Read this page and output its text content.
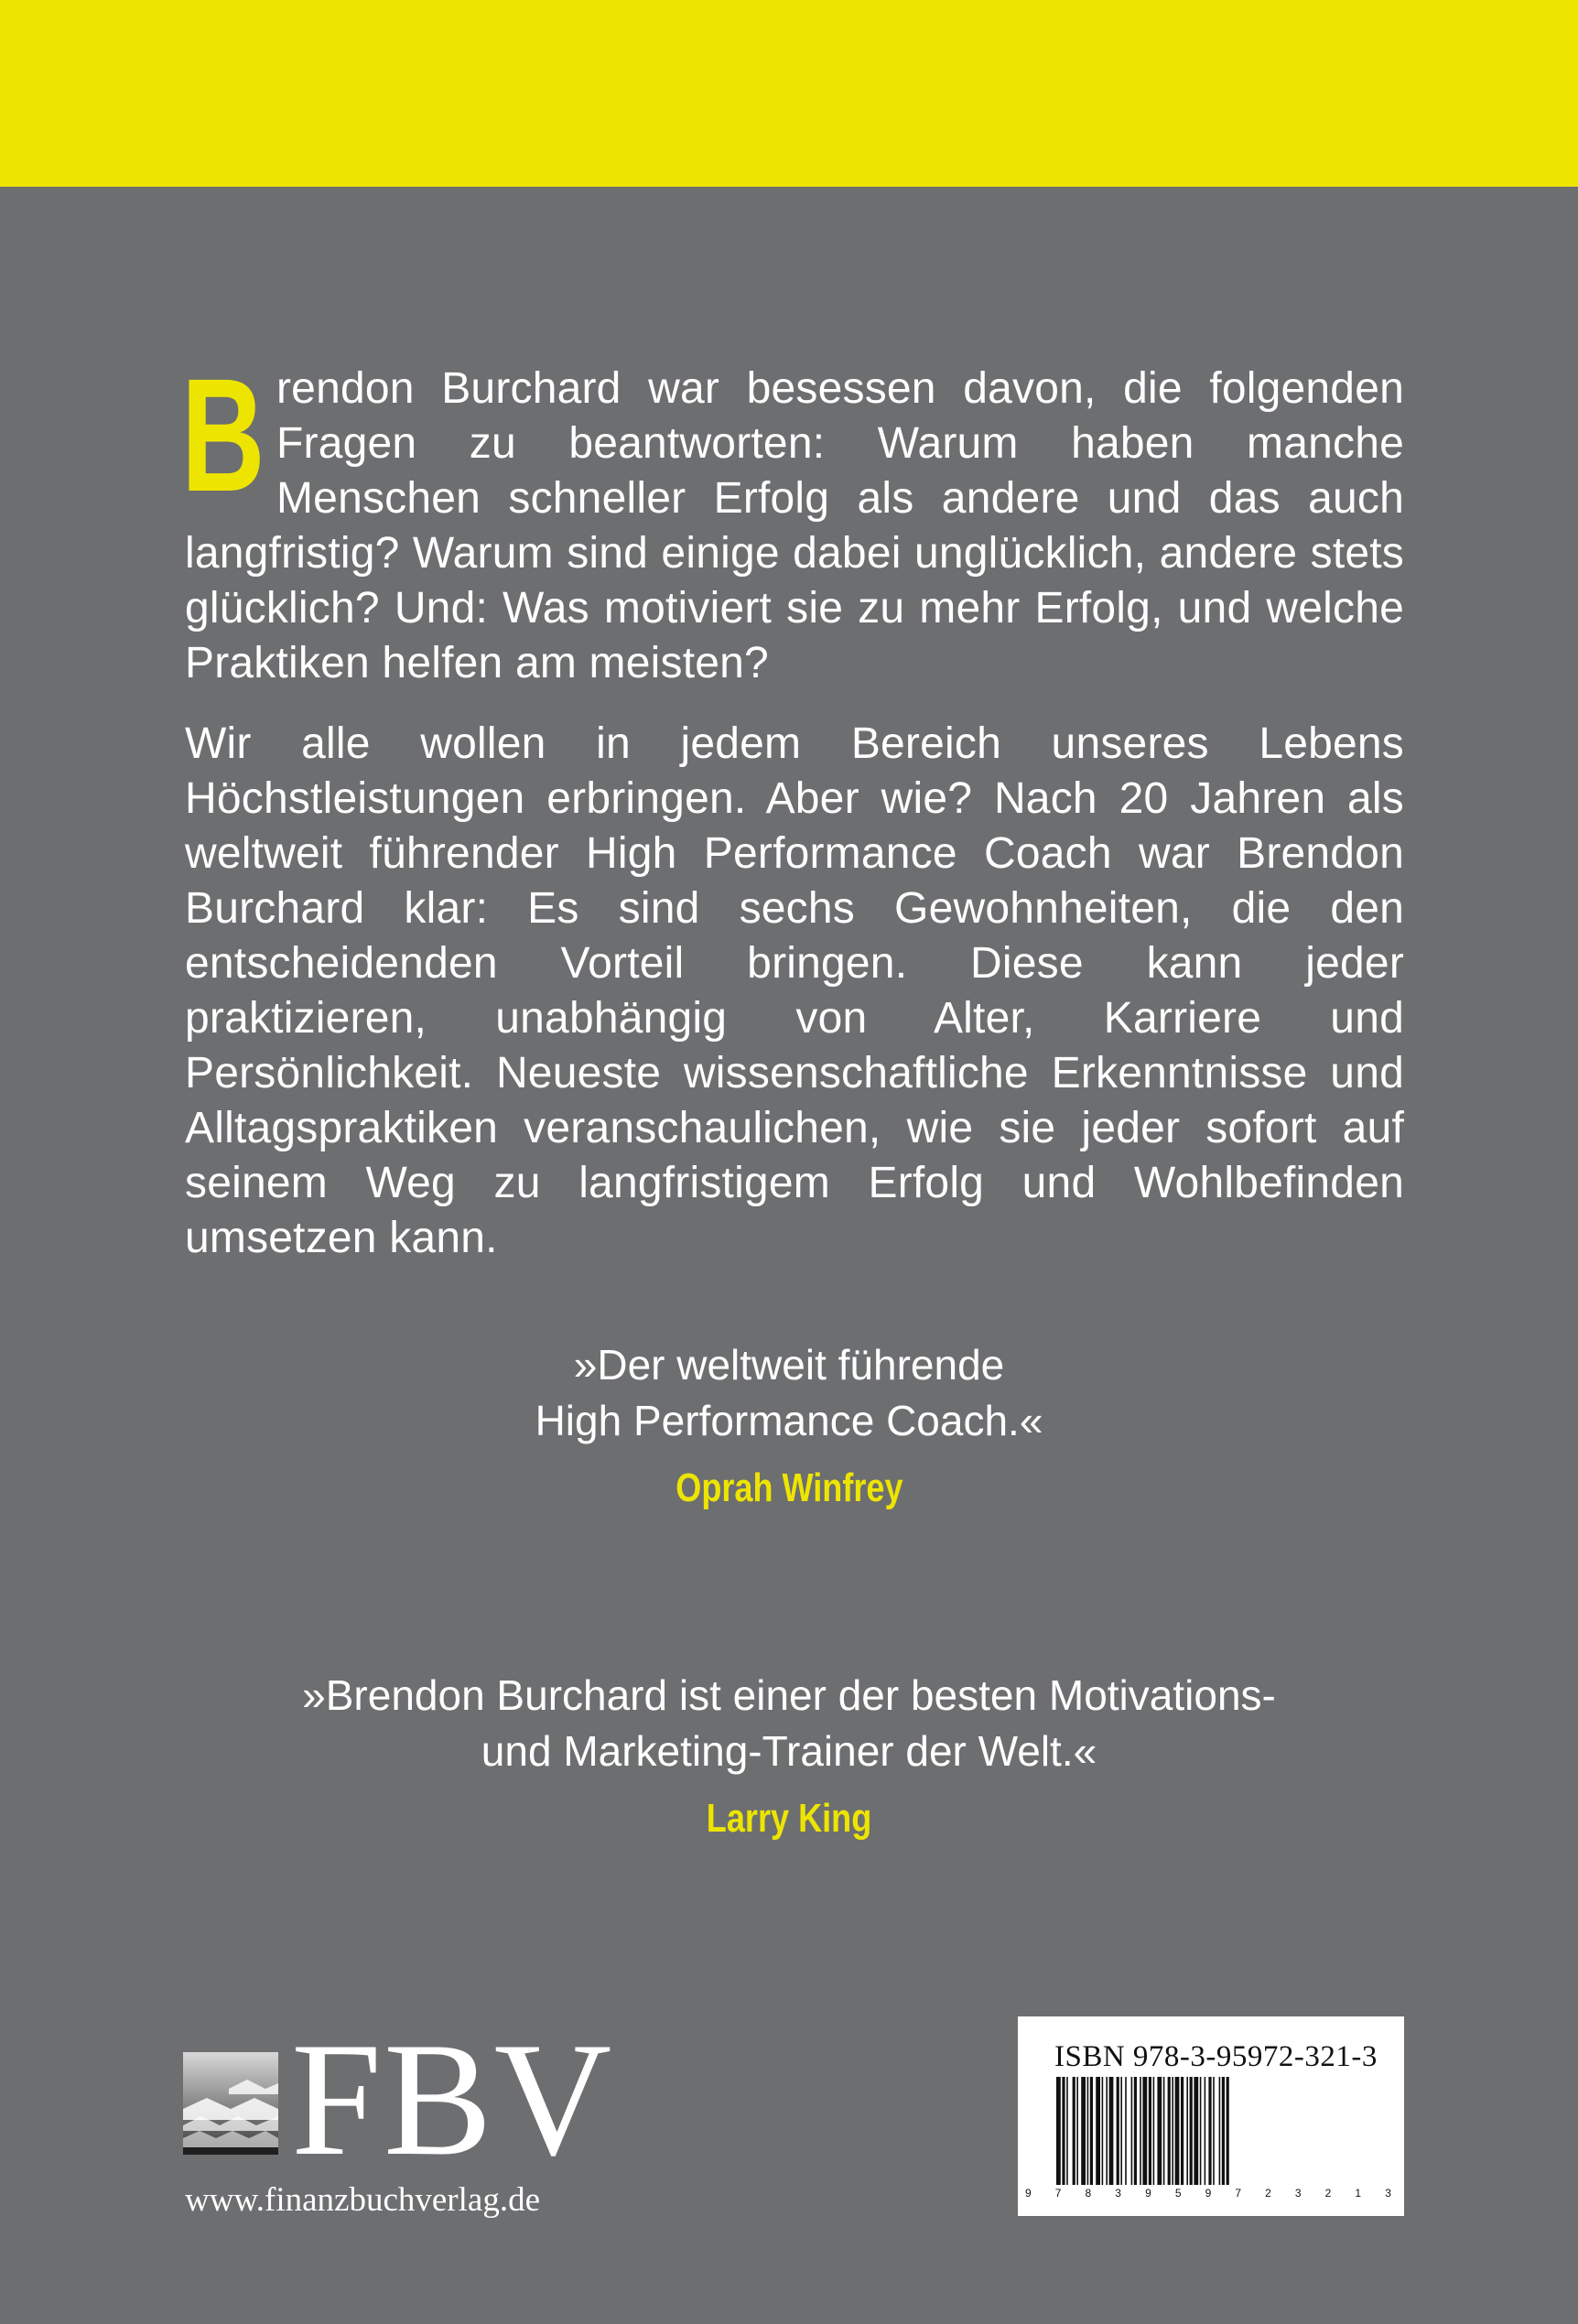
Brendon Burchard war besessen davon, die folgenden Fragen zu beantworten: Warum haben manche Menschen schneller Erfolg als andere und das auch langfristig? Warum sind einige dabei unglücklich, andere stets glücklich? Und: Was motiviert sie zu mehr Erfolg, und welche Praktiken helfen am meisten?

Wir alle wollen in jedem Bereich unseres Lebens Höchstleistungen erbringen. Aber wie? Nach 20 Jahren als weltweit führender High Performance Coach war Brendon Burchard klar: Es sind sechs Gewohnheiten, die den entscheidenden Vorteil bringen. Diese kann jeder praktizieren, unabhängig von Alter, Karriere und Persönlichkeit. Neueste wissenschaftliche Erkenntnisse und Alltagspraktiken veranschaulichen, wie sie jeder sofort auf seinem Weg zu langfristigem Erfolg und Wohlbefinden umsetzen kann.

»Der weltweit führende

High Performance Coach.«

Oprah Winfrey

»Brendon Burchard ist einer der besten Motivations-

und Marketing-Trainer der Welt.«

Larry King
FBV
www.finanzbuchverlag.de
ISBN 978-3-95972-321-3
9 7 8 3 9 5 9 7 2 3 2 1 3
